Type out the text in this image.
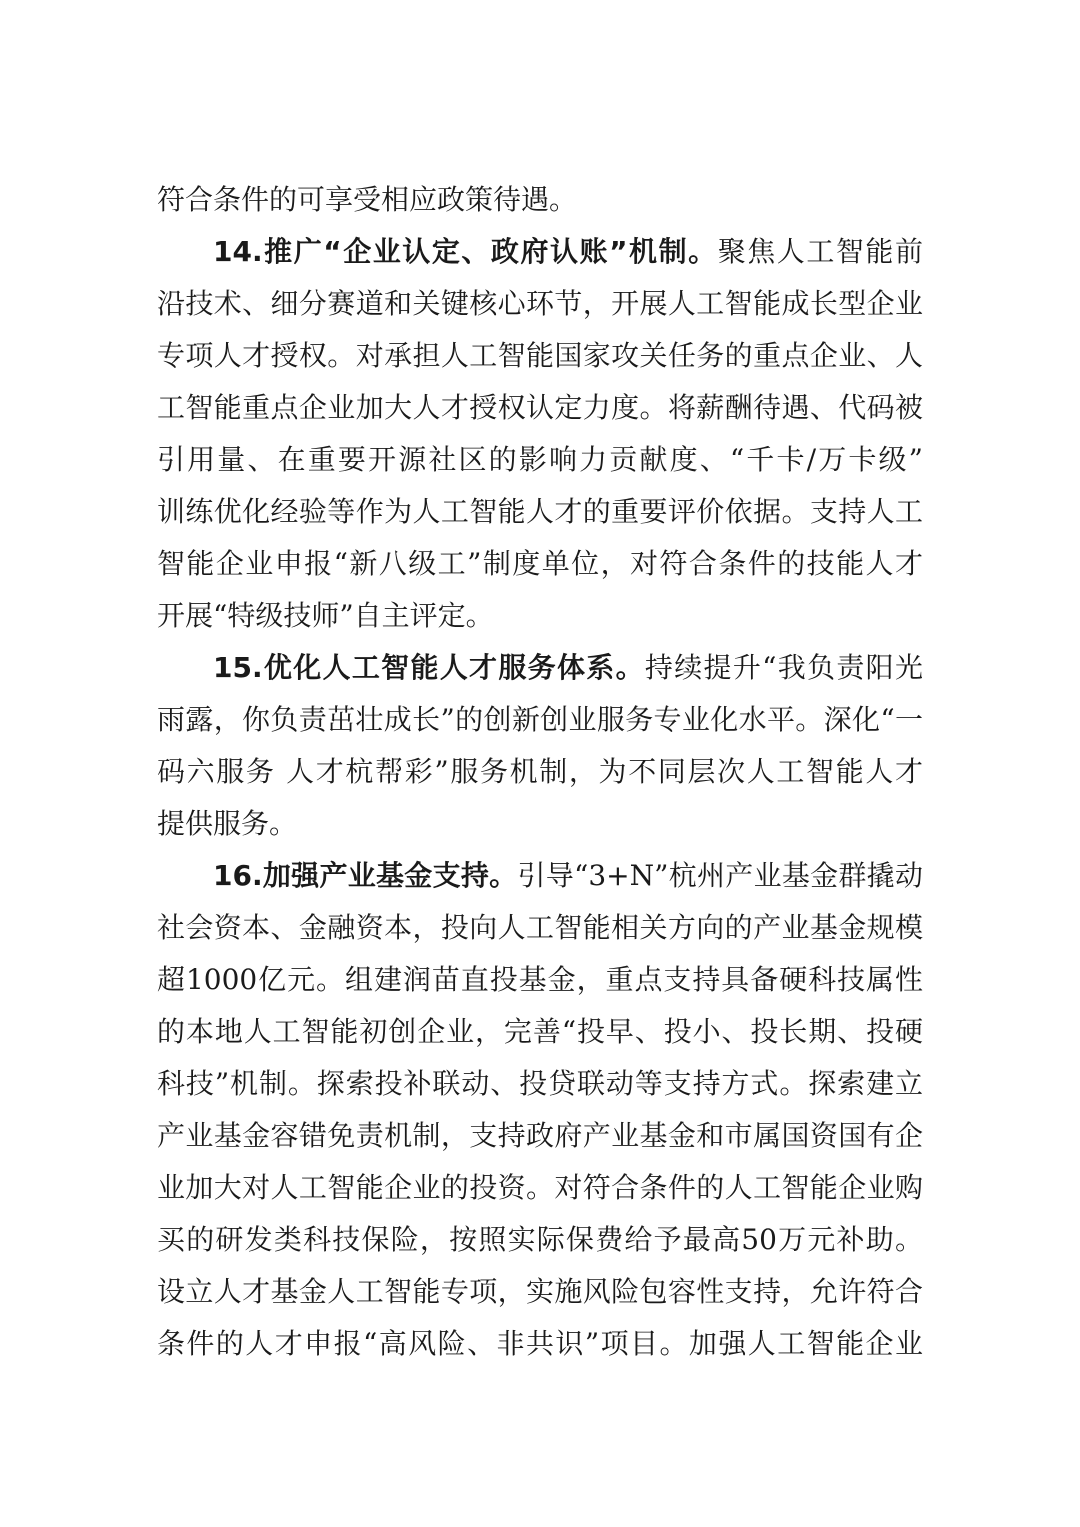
符合条件的可享受相应政策待遇。
14.推广“企业认定、政府认账”机制。聚焦人工智能前
沿技术、细分赛道和关键核心环节，开展人工智能成长型企业
专项人才授权。对承担人工智能国家攻关任务的重点企业、人
工智能重点企业加大人才授权认定力度。将薪酬待遇、代码被
引用量、在重要开源社区的影响力贡献度、“千卡/万卡级”
训练优化经验等作为人工智能人才的重要评价依据。支持人工
智能企业申报“新八级工”制度单位，对符合条件的技能人才
开展“特级技师”自主评定。
15.优化人工智能人才服务体系。持续提升“我负责阳光
雨露，你负责茁壮成长”的创新创业服务专业化水平。深化“一
码六服务 人才杭帮彩”服务机制，为不同层次人工智能人才
提供服务。
16.加强产业基金支持。引导“3+N”杭州产业基金群撬动
社会资本、金融资本，投向人工智能相关方向的产业基金规模
超1000亿元。组建润苗直投基金，重点支持具备硬科技属性
的本地人工智能初创企业，完善“投早、投小、投长期、投硬
科技”机制。探索投补联动、投贷联动等支持方式。探索建立
产业基金容错免责机制，支持政府产业基金和市属国资国有企
业加大对人工智能企业的投资。对符合条件的人工智能企业购
买的研发类科技保险，按照实际保费给予最高50万元补助。
设立人才基金人工智能专项，实施风险包容性支持，允许符合
条件的人才申报“高风险、非共识”项目。加强人工智能企业
